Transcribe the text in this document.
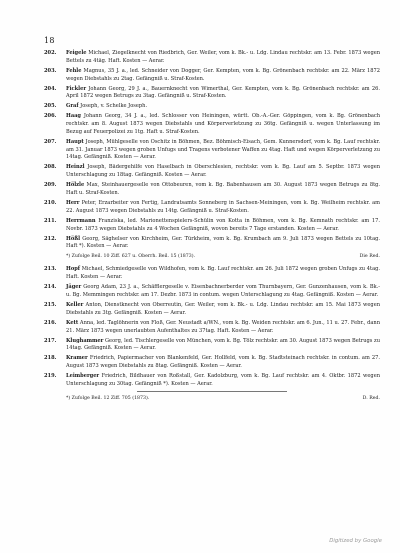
18
202. Feigele Michael, Ziegelknecht von Riedbrich, Ger. Weiler, vom k. Bk.- u. Ldg. Lindau rechtskr. am 13. Febr. 1873 wegen Bettels zu 4täg. Haft. Kosten — Aerar.
203. Fehle Magnus, 35 J. a., led. Schneider von Dogger, Ger. Kempten, vom k. Bg. Grönenbach rechtskr. am 22. März 1872 wegen Diebstahls zu 2tag. Gefängniß u. Straf-Kosten.
204. Fickler Johann Georg, 29 J. a., Bauernknecht von Wimerthal, Ger. Kempten, vom k. Bg. Grönenbach rechtskr. am 26. April 1872 wegen Betrugs zu 3tag. Gefängniß u. Straf-Kosten.
205. Graf Joseph, v. Schelke Joseph.
206. Haag Johann Georg, 34 J. a., led. Schlosser von Heiningen, württ. Ob.-A.-Ger. Göppingen, vom k. Bg. Grönenbach rechtskr. am 8. August 1873 wegen Diebstahls und Körperverletzung zu 36tg. Gefängniß u. wegen Unterlassung im Bezug auf Feuerpolizei zu 1tg. Haft u. Straf-Kosten.
207. Haupt Joseph, Mühlgeselle von Oschitz in Böhmen, Bez. Böhmisch-Eisach, Gem. Kunnersdorf, vom k. Bg. Lauf rechtskr. am 31. Januar 1873 wegen groben Unfugs und Tragens verbotener Waffen zu 4tag. Haft und wegen Körperverletzung zu 14tag. Gefängniß. Kosten — Aerar.
208. Heinzl Joseph, Bädergehilfe von Haselbach in Oberschlesien, rechtskr. vom k. Bg. Lauf am 5. Septbr. 1873 wegen Unterschlagung zu 18tag. Gefängniß. Kosten — Aerar.
209. Hölzle Max, Steinhauergeselle von Ottobeuren, vom k. Bg. Babenhausen am 30. August 1873 wegen Betrugs zu 8tg. Haft u. Straf-Kosten.
210. Herr Peter, Erzarbeiter von Fertig, Landratsamts Sonneberg in Sachsen-Meiningen, vom k. Bg. Weilheim rechtskr. am 22. August 1873 wegen Diebstahls zu 14tg. Gefängniß u. Straf-Kosten.
211. Herrmann Franziska, led. Marionettenspielers-Schülin von Kotta in Böhmen, vom k. Bg. Kemnath rechtskr. am 17. Novbr. 1873 wegen Diebstahls zu 4 Wochen Gefängniß, wovon bereits 7 Tage erstanden. Kosten — Aerar.
212. Hößl Georg, Säghelser von Kirchheim, Ger. Türkheim, vom k. Bg. Krumbach am 9. Juli 1873 wegen Bettels zu 10tag. Haft *). Kosten — Aerar.
*) Zufolge Beil. 10 Ziff. 627 u. Oberrh. Beil. 15 (1873).	Die Red.
213. Hopf Michael, Schmiedgeselle von Wildhofen, vom k. Bg. Lauf rechtskr. am 26. Juli 1872 wegen groben Unfugs zu 4tag. Haft. Kosten — Aerar.
214. Jäger Georg Adam, 23 J. a., Schäfflergeselle v. Eisenbachnerberder vom Thurnbayern, Ger. Gunzenhausen, vom k. Bk.- u. Bg. Memmingen rechtskr. am 17. Dezbr. 1873 in contum. wegen Unterschlagung zu 4tag. Gefängniß. Kosten — Aerar.
215. Keller Anton, Dienstknecht von Oberreutin, Ger. Weiler, vom k. Bk.- u. Ldg. Lindau rechtskr. am 15. Mai 1873 wegen Diebstahls zu 3tg. Gefängniß. Kosten — Aerar.
216. Kett Anna, led. Taglöhnerin von Floß, Ger. Neustadt a/WN., vom k. Bg. Weiden rechtskr. am 6. Jun., 11 u. 27. Febr., dann 21. März 1873 wegen unerlaubten Aufenthaltes zu 37tag. Haft. Kosten — Aerar.
217. Klughammer Georg, led. Tischlergeselle von München, vom k. Bg. Tölz rechtskr. am 30. August 1873 wegen Betrugs zu 14tag. Gefängniß. Kosten — Aerar.
218. Kramer Friedrich, Papiermacher von Blankenfeld, Ger. Hollfeld, vom k. Bg. Stadtsteinach rechtskr. in contum. am 27. August 1873 wegen Diebstahls zu 8tag. Gefängniß. Kosten — Aerar.
219. Leimberger Friedrich, Bildhauer von Roßstall, Ger. Kadolzburg, vom k. Bg. Lauf rechtskr. am 4. Oktbr. 1872 wegen Unterschlagung zu 30tag. Gefängniß *). Kosten — Aerar.
*) Zufolge Beil. 12 Ziff. 705 (1873).	D. Red.
Digitized by Google
